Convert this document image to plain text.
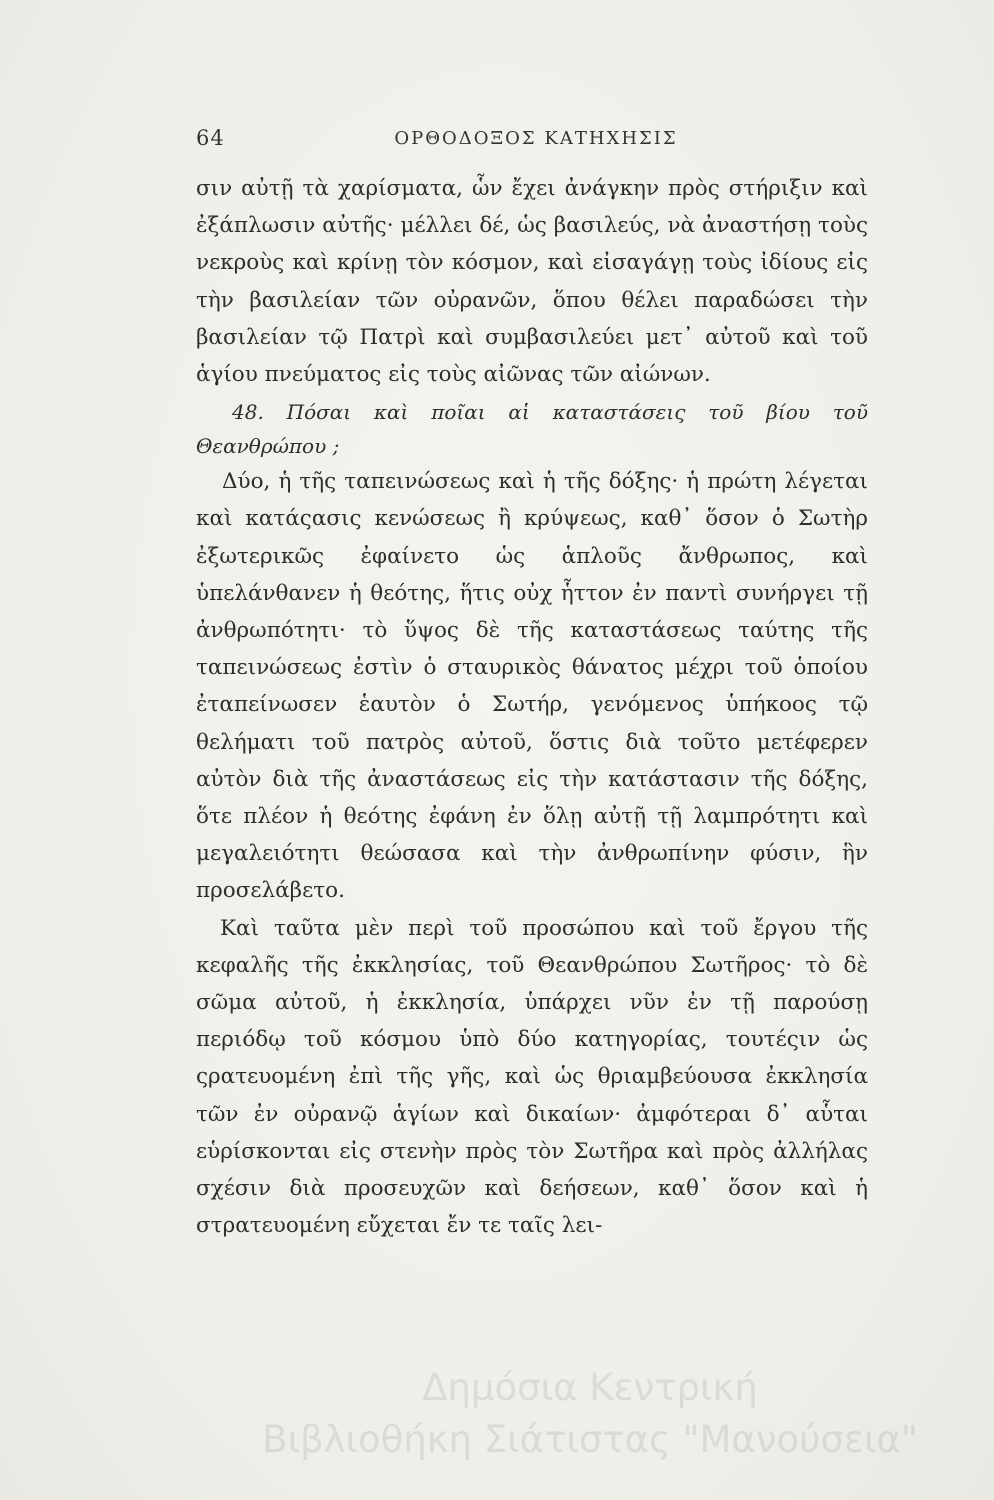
64	ΟΡΘΟΔΟΞΟΣ ΚΑΤΗΧΗΣΙΣ

σιν αὐτῇ τὰ χαρίσματα, ὧν ἔχει ἀνάγκην πρὸς στήριξιν καὶ ἐξάπλωσιν αὐτῆς· μέλλει δέ, ὡς βασιλεύς, νὰ ἀναστήσῃ τοὺς νεκροὺς καὶ κρίνῃ τὸν κόσμον, καὶ εἰσαγάγῃ τοὺς ἰδίους εἰς τὴν βασιλείαν τῶν οὐρανῶν, ὅπου θέλει παραδώσει τὴν βασιλείαν τῷ Πατρὶ καὶ συμβασιλεύει μετ᾽ αὐτοῦ καὶ τοῦ ἁγίου πνεύματος εἰς τοὺς αἰῶνας τῶν αἰώνων.

48. Πόσαι καὶ ποῖαι αἱ καταστάσεις τοῦ βίου τοῦ Θεανθρώπου ;

Δύο, ἡ τῆς ταπεινώσεως καὶ ἡ τῆς δόξης· ἡ πρώτη λέγεται καὶ κατάςασις κενώσεως ἢ κρύψεως, καθ᾽ ὅσον ὁ Σωτὴρ ἐξωτερικῶς ἐφαίνετο ὡς ἁπλοῦς ἄνθρωπος, καὶ ὑπελάνθανεν ἡ θεότης, ἥτις οὐχ ἧττον ἐν παντὶ συνήργει τῇ ἀνθρωπότητι· τὸ ὕψος δὲ τῆς καταστάσεως ταύτης τῆς ταπεινώσεως ἐστὶν ὁ σταυρικὸς θάνατος μέχρι τοῦ ὁποίου ἐταπείνωσεν ἑαυτὸν ὁ Σωτήρ, γενόμενος ὑπήκοος τῷ θελήματι τοῦ πατρὸς αὐτοῦ, ὅστις διὰ τοῦτο μετέφερεν αὐτὸν διὰ τῆς ἀναστάσεως εἰς τὴν κατάστασιν τῆς δόξης, ὅτε πλέον ἡ θεότης ἐφάνη ἐν ὅλῃ αὐτῇ τῇ λαμπρότητι καὶ μεγαλειότητι θεώσασα καὶ τὴν ἀνθρωπίνην φύσιν, ἣν προσελάβετο.

Καὶ ταῦτα μὲν περὶ τοῦ προσώπου καὶ τοῦ ἔργου τῆς κεφαλῆς τῆς ἐκκλησίας, τοῦ Θεανθρώπου Σωτῆρος· τὸ δὲ σῶμα αὐτοῦ, ἡ ἐκκλησία, ὑπάρχει νῦν ἐν τῇ παρούσῃ περιόδῳ τοῦ κόσμου ὑπὸ δύο κατηγορίας, τουτέςιν ὡς ςρατευομένη ἐπὶ τῆς γῆς, καὶ ὡς θριαμβεύουσα ἐκκλησία τῶν ἐν οὐρανῷ ἁγίων καὶ δικαίων· ἀμφότεραι δ᾽ αὗται εὑρίσκονται εἰς στενὴν πρὸς τὸν Σωτῆρα καὶ πρὸς ἀλλήλας σχέσιν διὰ προσευχῶν καὶ δεήσεων, καθ᾽ ὅσον καὶ ἡ στρατευομένη εὔχεται ἔν τε ταῖς λει-

Δημόσια Κεντρική
Βιβλιοθήκη Σιάτιστας "Μανούσεια"
